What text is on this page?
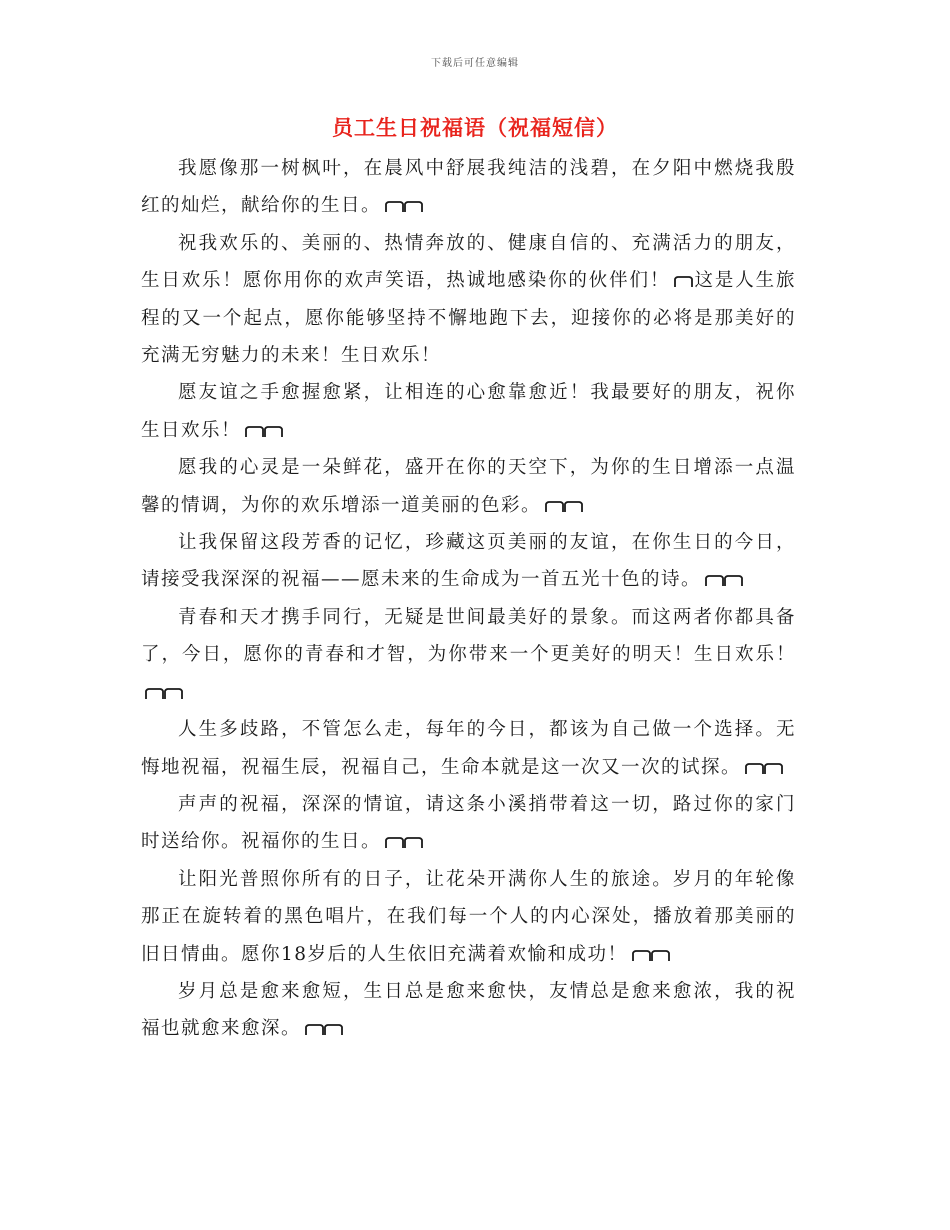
下载后可任意编辑
员工生日祝福语（祝福短信）

我愿像那一树枫叶，在晨风中舒展我纯洁的浅碧，在夕阳中燃烧我殷红的灿烂，献给你的生日。

祝我欢乐的、美丽的、热情奔放的、健康自信的、充满活力的朋友，生日欢乐！愿你用你的欢声笑语，热诚地感染你的伙伴们！ 这是人生旅程的又一个起点，愿你能够坚持不懈地跑下去，迎接你的必将是那美好的充满无穷魅力的未来！生日欢乐！

愿友谊之手愈握愈紧，让相连的心愈靠愈近！我最要好的朋友，祝你生日欢乐！

愿我的心灵是一朵鲜花，盛开在你的天空下，为你的生日增添一点温馨的情调，为你的欢乐增添一道美丽的色彩。

让我保留这段芳香的记忆，珍藏这页美丽的友谊，在你生日的今日，请接受我深深的祝福——愿未来的生命成为一首五光十色的诗。

青春和天才携手同行，无疑是世间最美好的景象。而这两者你都具备了，今日，愿你的青春和才智，为你带来一个更美好的明天！生日欢乐！

人生多歧路，不管怎么走，每年的今日，都该为自己做一个选择。无悔地祝福，祝福生辰，祝福自己，生命本就是这一次又一次的试探。

声声的祝福，深深的情谊，请这条小溪捎带着这一切，路过你的家门时送给你。祝福你的生日。

让阳光普照你所有的日子，让花朵开满你人生的旅途。岁月的年轮像那正在旋转着的黑色唱片，在我们每一个人的内心深处，播放着那美丽的旧日情曲。愿你18岁后的人生依旧充满着欢愉和成功！

岁月总是愈来愈短，生日总是愈来愈快，友情总是愈来愈浓，我的祝福也就愈来愈深。
